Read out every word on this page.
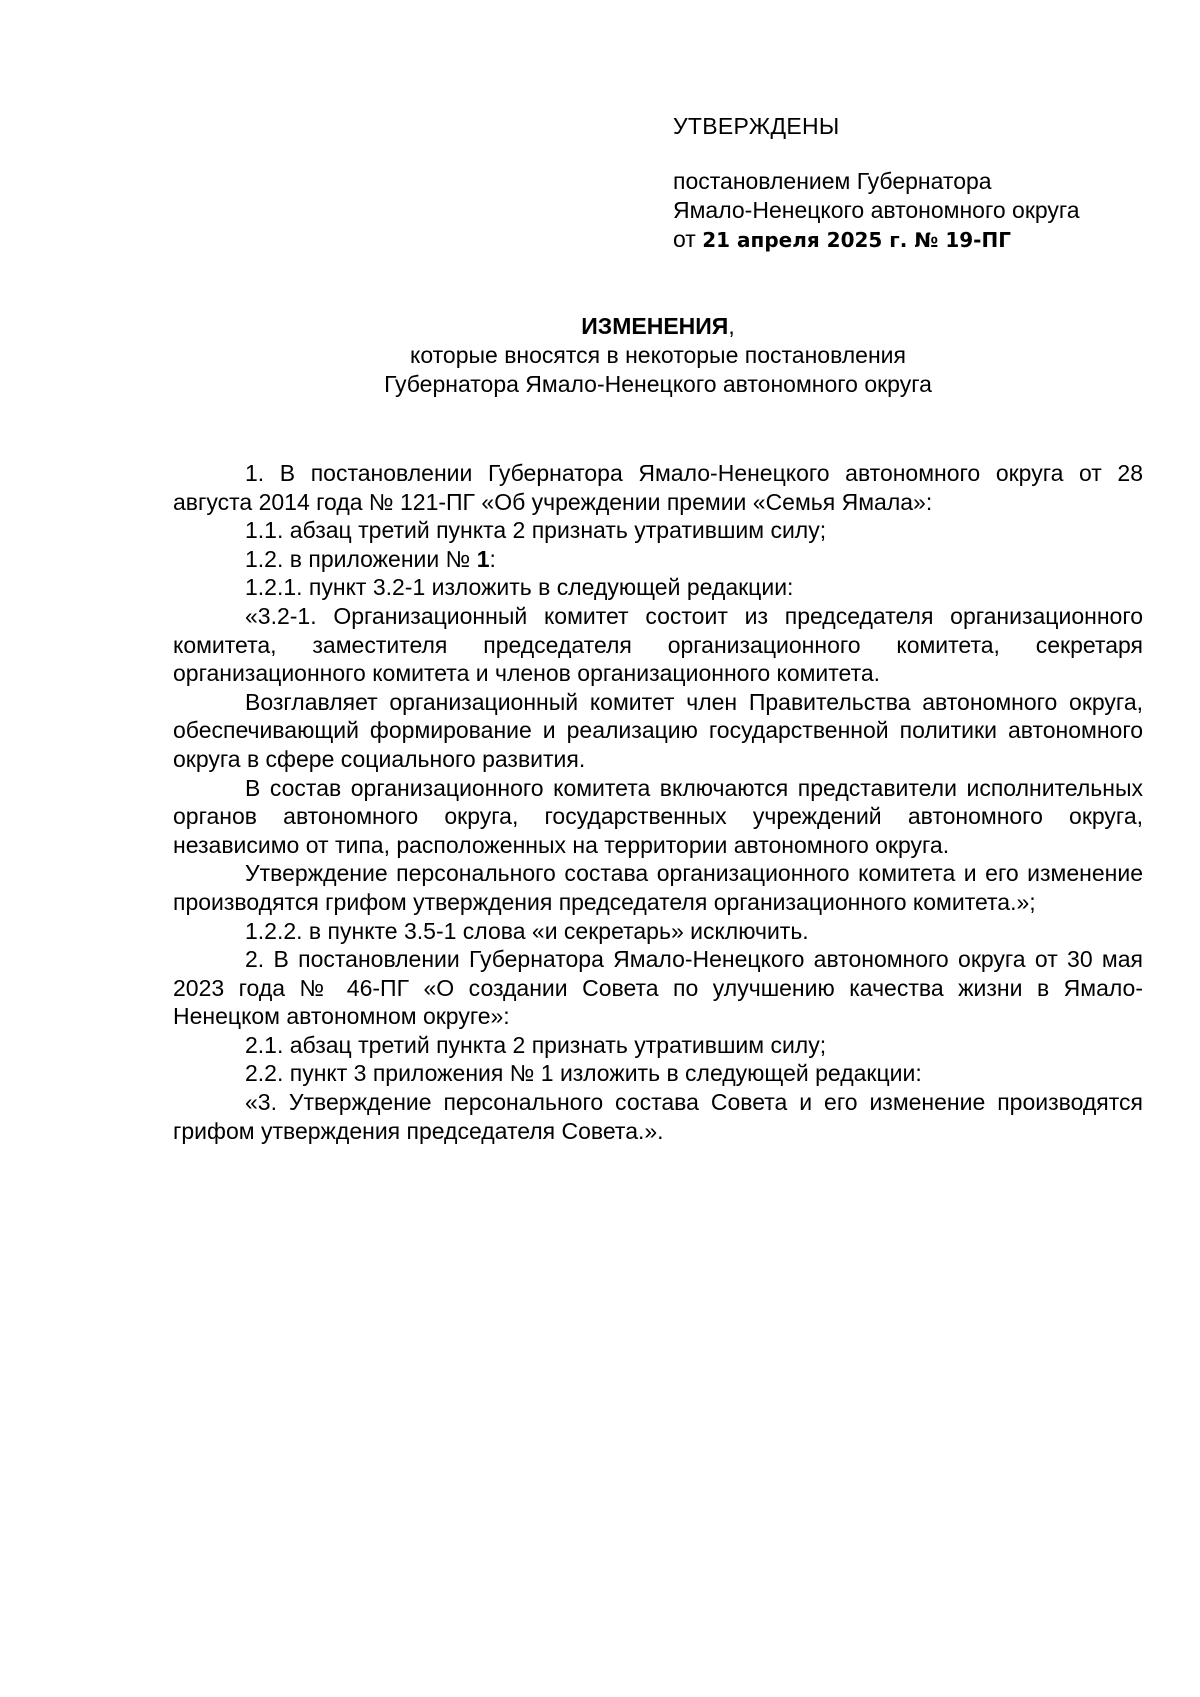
УТВЕРЖДЕНЫ
постановлением Губернатора
Ямало-Ненецкого автономного округа
от 21 апреля 2025 г. № 19-ПГ
ИЗМЕНЕНИЯ,
которые вносятся в некоторые постановления
Губернатора Ямало-Ненецкого автономного округа

1. В постановлении Губернатора Ямало-Ненецкого автономного округа от 28 августа 2014 года № 121-ПГ «Об учреждении премии «Семья Ямала»:

1.1. абзац третий пункта 2 признать утратившим силу;

1.2. в приложении № 1:

1.2.1. пункт 3.2-1 изложить в следующей редакции:

«3.2-1. Организационный комитет состоит из председателя организационного комитета, заместителя председателя организационного комитета, секретаря организационного комитета и членов организационного комитета.

Возглавляет организационный комитет член Правительства автономного округа, обеспечивающий формирование и реализацию государственной политики автономного округа в сфере социального развития.

В состав организационного комитета включаются представители исполнительных органов автономного округа, государственных учреждений автономного округа, независимо от типа, расположенных на территории автономного округа.

Утверждение персонального состава организационного комитета и его изменение производятся грифом утверждения председателя организационного комитета.»;

1.2.2. в пункте 3.5-1 слова «и секретарь» исключить.

2. В постановлении Губернатора Ямало-Ненецкого автономного округа от 30 мая 2023 года № 46-ПГ «О создании Совета по улучшению качества жизни в Ямало-Ненецком автономном округе»:

2.1. абзац третий пункта 2 признать утратившим силу;

2.2. пункт 3 приложения № 1 изложить в следующей редакции:

«3. Утверждение персонального состава Совета и его изменение производятся грифом утверждения председателя Совета.».
